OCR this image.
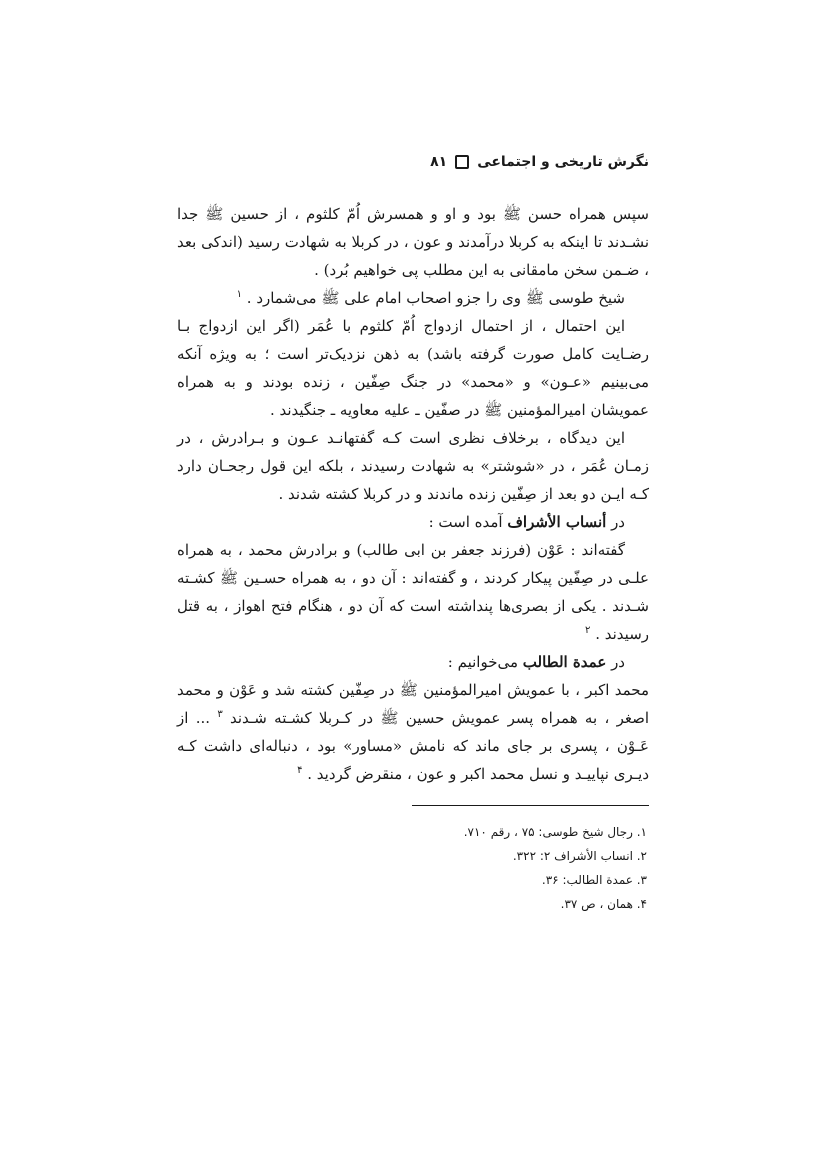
نگرش تاریخی و اجتماعی
۸۱

سپس همراه حسن ﷺ بود و او و همسرش اُمّ کلثوم ، از حسین ﷺ جدا نشـدند تا اینکه به کربلا درآمدند و عون ، در کربلا به شهادت رسید (اندکی بعد ، ضـمن سخن مامقانی به این مطلب پی خواهیم بُرد) .

شیخ طوسی ﷺ وی را جزو اصحاب امام علی ﷺ می‌شمارد . $^۱$

این احتمال ، از احتمال ازدواج اُمّ کلثوم با عُمَر (اگر این ازدواج بـا رضـایت کامل صورت گرفته باشد) به ذهن نزدیک‌تر است ؛ به ویژه آنکه می‌بینیم «عـون» و «محمد» در جنگ صِفّین ، زنده بودند و به همراه عمویشان امیرالمؤمنین ﷺ در صفّین ـ علیه معاویه ـ جنگیدند .

این دیدگاه ، برخلاف نظری است کـه گفتهانـد عـون و بـرادرش ، در زمـان عُمَر ، در «شوشتر» به شهادت رسیدند ، بلکه این قول رجحـان دارد کـه ایـن دو بعد از صِفّین زنده ماندند و در کربلا کشته شدند .

در أنساب الأشراف آمده است :

گفته‌اند : عَوْن (فرزند جعفر بن ابی طالب) و برادرش محمد ، به همراه علـی در صِفّین پیکار کردند ، و گفته‌اند : آن دو ، به همراه حسـین ﷺ کشـته شـدند . یکی از بصری‌ها پنداشته است که آن دو ، هنگام فتح اهواز ، به قتل رسیدند . $^۲$

در عمدة الطالب می‌خوانیم :

محمد اکبر ، با عمویش امیرالمؤمنین ﷺ در صِفّین کشته شد و عَوْن و محمد اصغر ، به همراه پسر عمویش حسین ﷺ در کـربلا کشـته شـدند $^۳$ ... از عَـوْن ، پسری بر جای ماند که نامش «مساور» بود ، دنباله‌ای داشت کـه دیـری نپاییـد و نسل محمد اکبر و عون ، منقرض گردید . $^۴$

۱. رجال شیخ طوسی: ۷۵ ، رقم ۷۱۰.
۲. انساب الأشراف ۲: ۳۲۲.
۳. عمدة الطالب: ۳۶.
۴. همان ، ص ۳۷.
